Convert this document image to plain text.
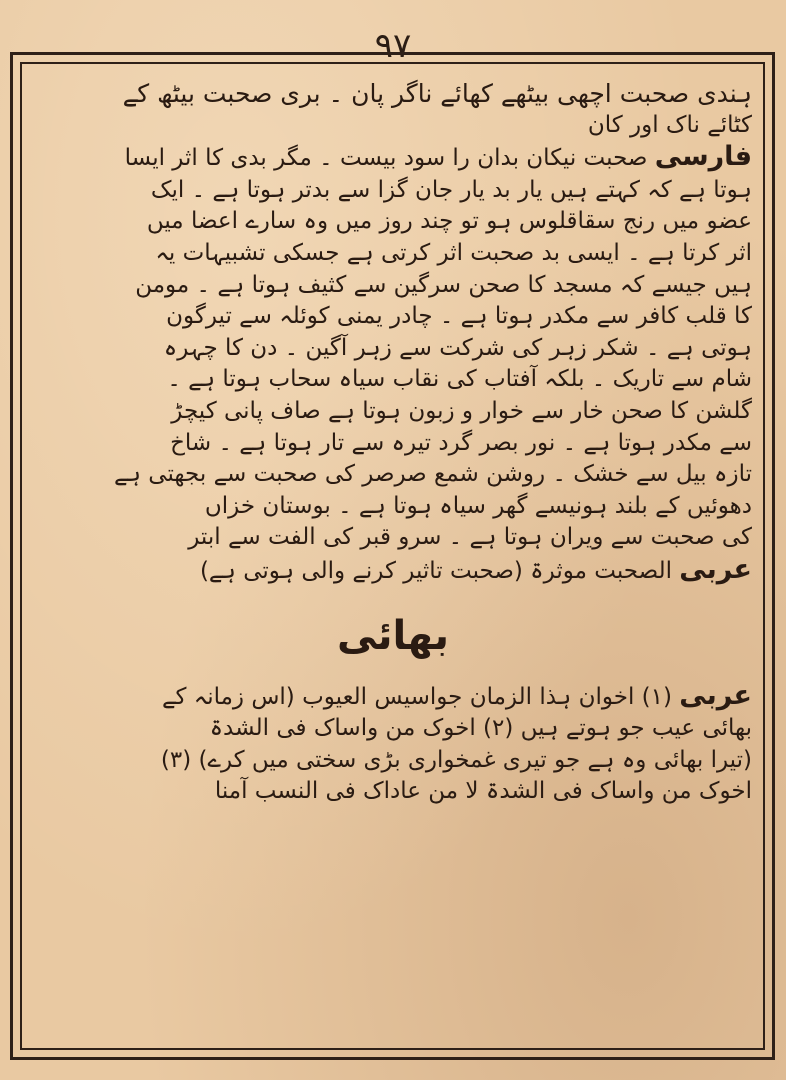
۹۷
ہندی صحبت اچھی بیٹھے کھائے ناگر پان ۔ بری صحبت بیٹھ کے
کٹائے ناک اور کان
فارسی صحبت نیکان بدان را سود بیست ۔ مگر بدی کا اثر ایسا
ہوتا ہے کہ کہتے ہیں یار بد یار جان گزا سے بدتر ہوتا ہے ۔ ایک
عضو میں رنج سقاقلوس ہو تو چند روز میں وہ سارے اعضا میں
اثر کرتا ہے ۔ ایسی بد صحبت اثر کرتی ہے جسکی تشبیہات یہ
ہیں جیسے کہ مسجد کا صحن سرگین سے کثیف ہوتا ہے ۔ مومن
کا قلب کافر سے مکدر ہوتا ہے ۔ چادر یمنی کوئلہ سے تیرگون
ہوتی ہے ۔ شکر زہر کی شرکت سے زہر آگین ۔ دن کا چہرہ
شام سے تاریک ۔ بلکہ آفتاب کی نقاب سیاہ سحاب ہوتا ہے ۔
گلشن کا صحن خار سے خوار و زبون ہوتا ہے صاف پانی کیچڑ
سے مکدر ہوتا ہے ۔ نور بصر گرد تیرہ سے تار ہوتا ہے ۔ شاخ
تازہ بیل سے خشک ۔ روشن شمع صرصر کی صحبت سے بجھتی ہے
دھوئیں کے بلند ہونیسے گھر سیاہ ہوتا ہے ۔ بوستان خزاں
کی صحبت سے ویران ہوتا ہے ۔ سرو قبر کی الفت سے ابتر
عربی الصحبت موثرۃ (صحبت تاثیر کرنے والی ہوتی ہے)
بھائی
عربی (۱) اخوان ہذا الزمان جواسیس العیوب (اس زمانہ کے
بھائی عیب جو ہوتے ہیں (۲) اخوک من واساک فی الشدۃ
(تیرا بھائی وہ ہے جو تیری غمخواری بڑی سختی میں کرے) (۳)
اخوک من واساک فی الشدۃ لا من عاداک فی النسب آمنا
